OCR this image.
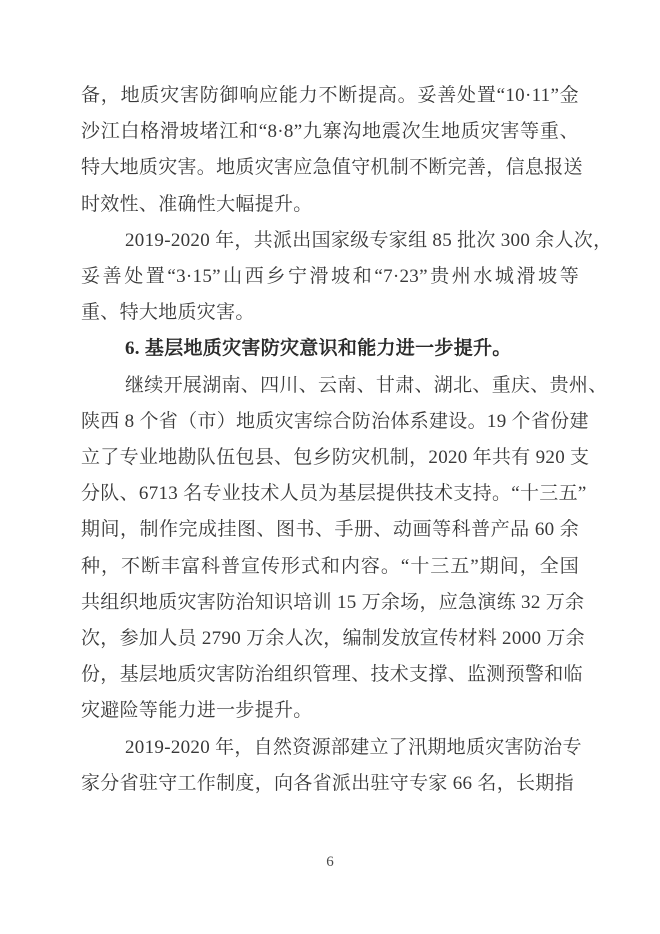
备，地质灾害防御响应能力不断提高。妥善处置“10·11”金
沙江白格滑坡堵江和“8·8”九寨沟地震次生地质灾害等重、
特大地质灾害。地质灾害应急值守机制不断完善，信息报送
时效性、准确性大幅提升。
2019-2020 年，共派出国家级专家组 85 批次 300 余人次，
妥善处置“3·15”山西乡宁滑坡和“7·23”贵州水城滑坡等
重、特大地质灾害。
6. 基层地质灾害防灾意识和能力进一步提升。
继续开展湖南、四川、云南、甘肃、湖北、重庆、贵州、
陕西 8 个省（市）地质灾害综合防治体系建设。19 个省份建
立了专业地勘队伍包县、包乡防灾机制，2020 年共有 920 支
分队、6713 名专业技术人员为基层提供技术支持。“十三五”
期间，制作完成挂图、图书、手册、动画等科普产品 60 余
种，不断丰富科普宣传形式和内容。“十三五”期间，全国
共组织地质灾害防治知识培训 15 万余场，应急演练 32 万余
次，参加人员 2790 万余人次，编制发放宣传材料 2000 万余
份，基层地质灾害防治组织管理、技术支撑、监测预警和临
灾避险等能力进一步提升。
2019-2020 年，自然资源部建立了汛期地质灾害防治专
家分省驻守工作制度，向各省派出驻守专家 66 名，长期指
6
